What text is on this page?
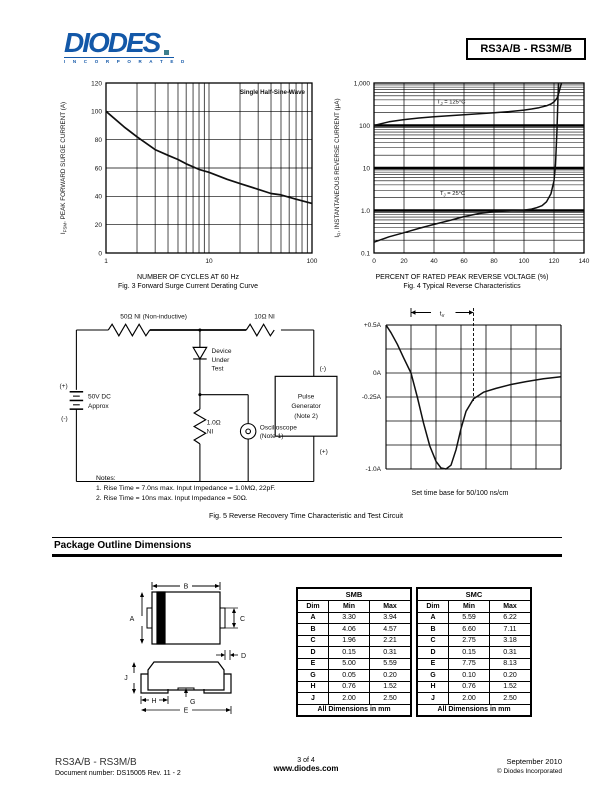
DIODES
I N C O R P O R A T E D
RS3A/B - RS3M/B
0
20
40
60
80
100
120
1	10	100
Single Half-Sine-Wave
$I_{FSM}$, PEAK FORWARD SURGE CURRENT (A)
NUMBER OF CYCLES AT 60 Hz
Fig. 3 Forward Surge Current Derating Curve
0.1
1.0
10
100
1,000
0	20	40	60	80	100	120	140
$I_R$, INSTANTANEOUS REVERSE CURRENT (μA)	$T_J = 125^\circ C$
$T_J = 25^\circ C$
PERCENT OF RATED PEAK REVERSE VOLTAGE (%)
Fig. 4 Typical Reverse Characteristics
50Ω NI (Non-inductive)	10Ω NI
Device
Under
Test
(+)
(-)
50V DC
Approx
Pulse
Generator
(Note 2)
(-)
(+)
1.0Ω
NI
Oscilloscope
(Note 1)
+0.5A
0A
-0.25A
-1.0A
$t_{rr}$
Set time base for 50/100 ns/cm
Notes:
1. Rise Time = 7.0ns max. Input Impedance = 1.0MΩ, 22pF.
2. Rise Time = 10ns max. Input Impedance = 50Ω.
Fig. 5 Reverse Recovery Time Characteristic and Test Circuit
Package Outline Dimensions
B
A	C
D
J
H	G
E
SMB		
Dim	Min	Max
A	3.30	3.94
B	4.06	4.57
C	1.96	2.21
D	0.15	0.31
E	5.00	5.59
G	0.05	0.20
H	0.76	1.52
J	2.00	2.50
All Dimensions in mm		
SMC		
Dim	Min	Max
A	5.59	6.22
B	6.60	7.11
C	2.75	3.18
D	0.15	0.31
E	7.75	8.13
G	0.10	0.20
H	0.76	1.52
J	2.00	2.50
All Dimensions in mm		
RS3A/B - RS3M/B
Document number: DS15005 Rev. 11 - 2
3 of 4
www.diodes.com
September 2010
© Diodes Incorporated
